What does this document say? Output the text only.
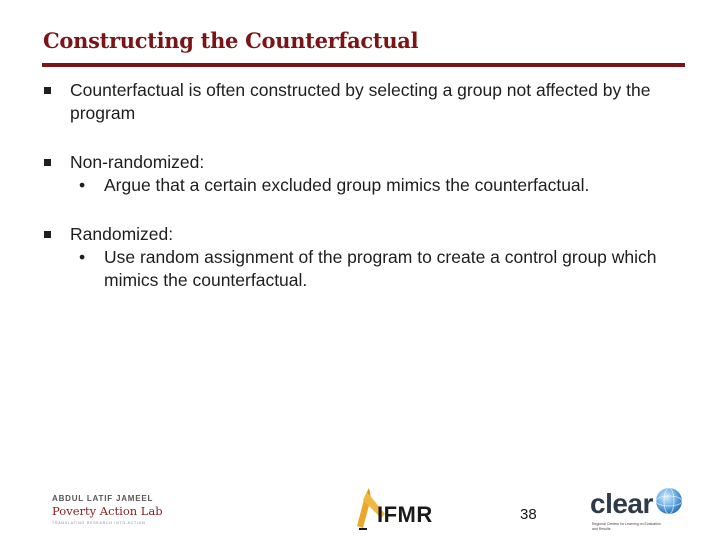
Constructing the Counterfactual
Counterfactual is often constructed by selecting a group not affected by the program
Non-randomized:
• Argue that a certain excluded group mimics the counterfactual.
Randomized:
• Use random assignment of the program to create a control group which mimics the counterfactual.
ABDUL LATIF JAMEEL
Poverty Action Lab
TRANSLATING RESEARCH INTO ACTION	IFMR	38 clear
Regional Centers for Learning on Evaluation and Results
